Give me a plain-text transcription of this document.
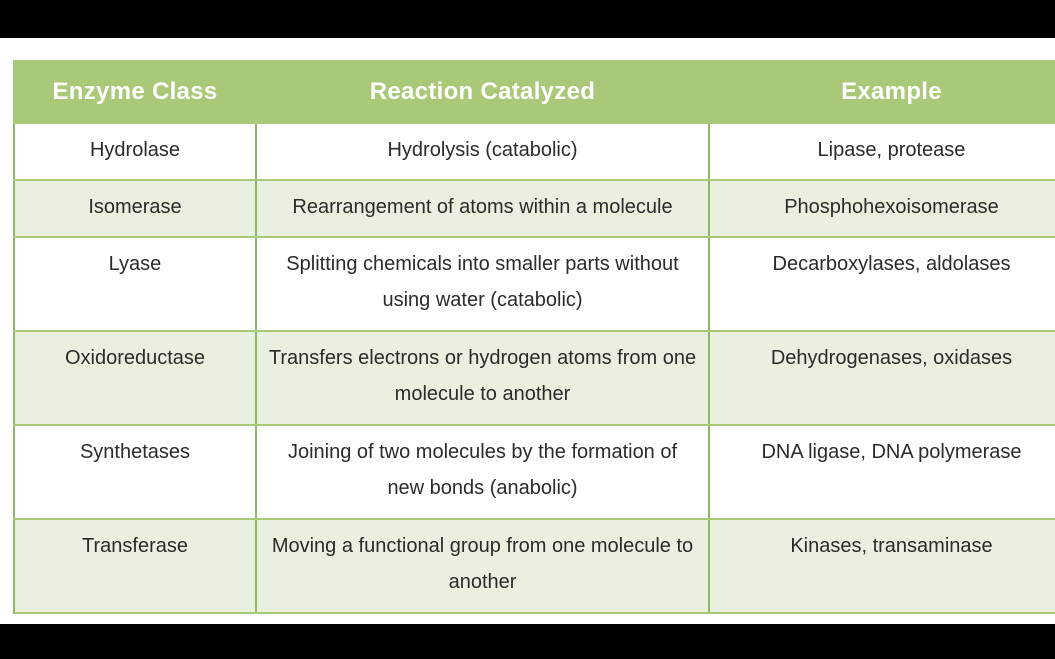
Enzyme Class	Reaction Catalyzed	Example

Hydrolase	Hydrolysis (catabolic)	Lipase, protease

Isomerase	Rearrangement of atoms within a molecule	Phosphohexoisomerase

Lyase	Splitting chemicals into smaller parts without using water (catabolic)	Decarboxylases, aldolases

Oxidoreductase	Transfers electrons or hydrogen atoms from one molecule to another	Dehydrogenases, oxidases

Synthetases	Joining of two molecules by the formation of new bonds (anabolic)	DNA ligase, DNA polymerase

Transferase	Moving a functional group from one molecule to another	Kinases, transaminase
